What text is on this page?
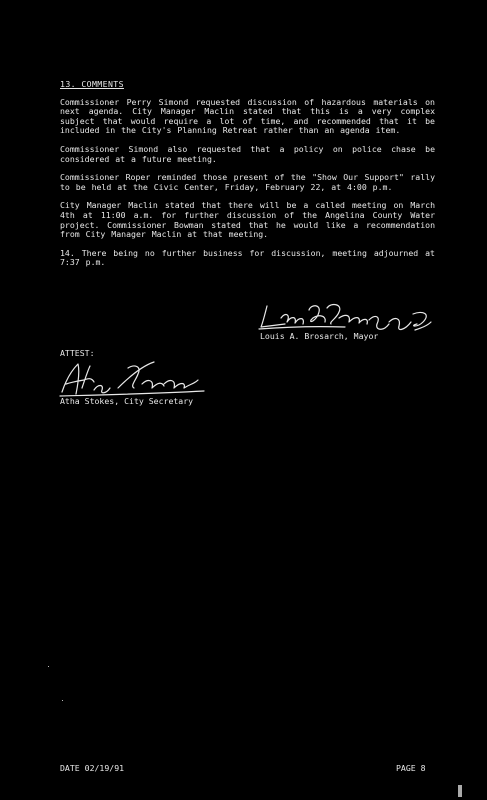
13. COMMENTS

Commissioner Perry Simond requested discussion of hazardous materials on next agenda. City Manager Maclin stated that this is a very complex subject that would require a lot of time, and recommended that it be included in the City's Planning Retreat rather than an agenda item.

Commissioner Simond also requested that a policy on police chase be considered at a future meeting.

Commissioner Roper reminded those present of the "Show Our Support" rally to be held at the Civic Center, Friday, February 22, at 4:00 p.m.

City Manager Maclin stated that there will be a called meeting on March 4th at 11:00 a.m. for further discussion of the Angelina County Water project. Commissioner Bowman stated that he would like a recommendation from City Manager Maclin at that meeting.

14. There being no further business for discussion, meeting adjourned at 7:37 p.m.

Louis A. Brosarch, Mayor
ATTEST:
Atha Stokes, City Secretary
DATE 02/19/91	PAGE 8
